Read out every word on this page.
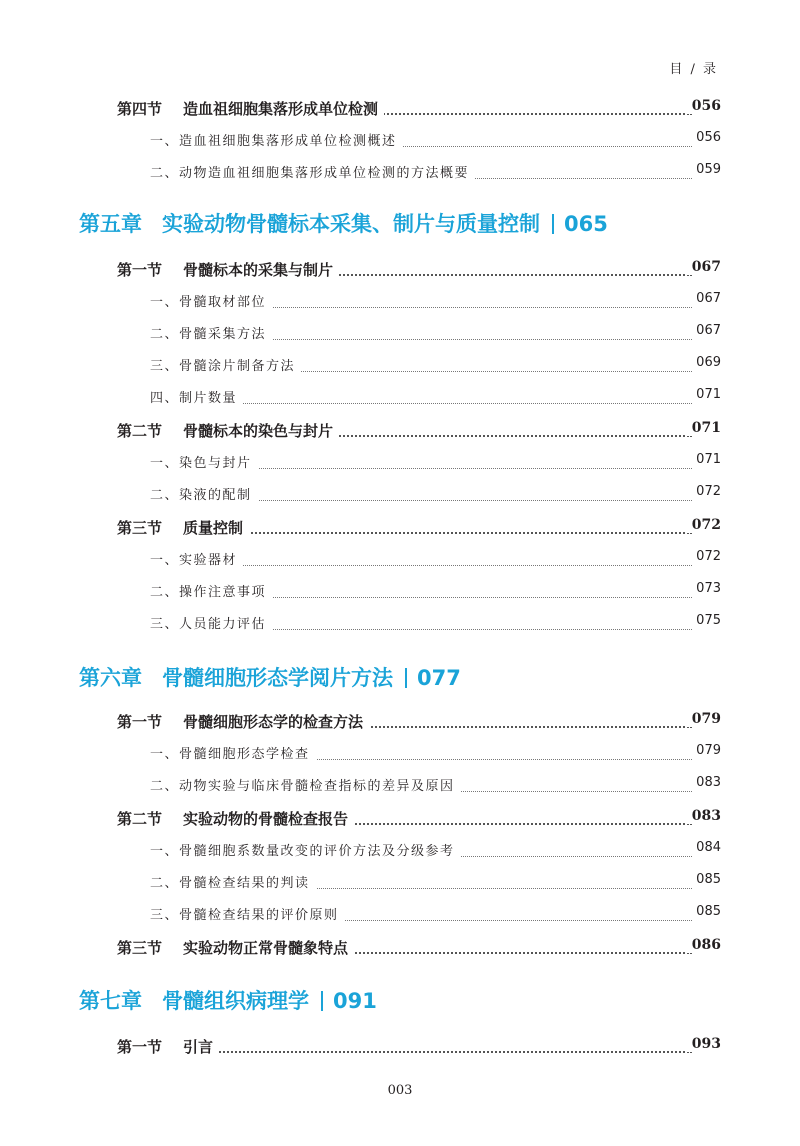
目 / 录
第四节 造血祖细胞集落形成单位检测	056
一、造血祖细胞集落形成单位检测概述	056
二、动物造血祖细胞集落形成单位检测的方法概要	059
第五章 实验动物骨髓标本采集、制片与质量控制 065
第一节 骨髓标本的采集与制片	067
一、骨髓取材部位	067
二、骨髓采集方法	067
三、骨髓涂片制备方法	069
四、制片数量	071
第二节 骨髓标本的染色与封片	071
一、染色与封片	071
二、染液的配制	072
第三节 质量控制	072
一、实验器材	072
二、操作注意事项	073
三、人员能力评估	075
第六章 骨髓细胞形态学阅片方法 077
第一节 骨髓细胞形态学的检查方法	079
一、骨髓细胞形态学检查	079
二、动物实验与临床骨髓检查指标的差异及原因	083
第二节 实验动物的骨髓检查报告	083
一、骨髓细胞系数量改变的评价方法及分级参考	084
二、骨髓检查结果的判读	085
三、骨髓检查结果的评价原则	085
第三节 实验动物正常骨髓象特点	086
第七章 骨髓组织病理学 091
第一节 引言	093
003
